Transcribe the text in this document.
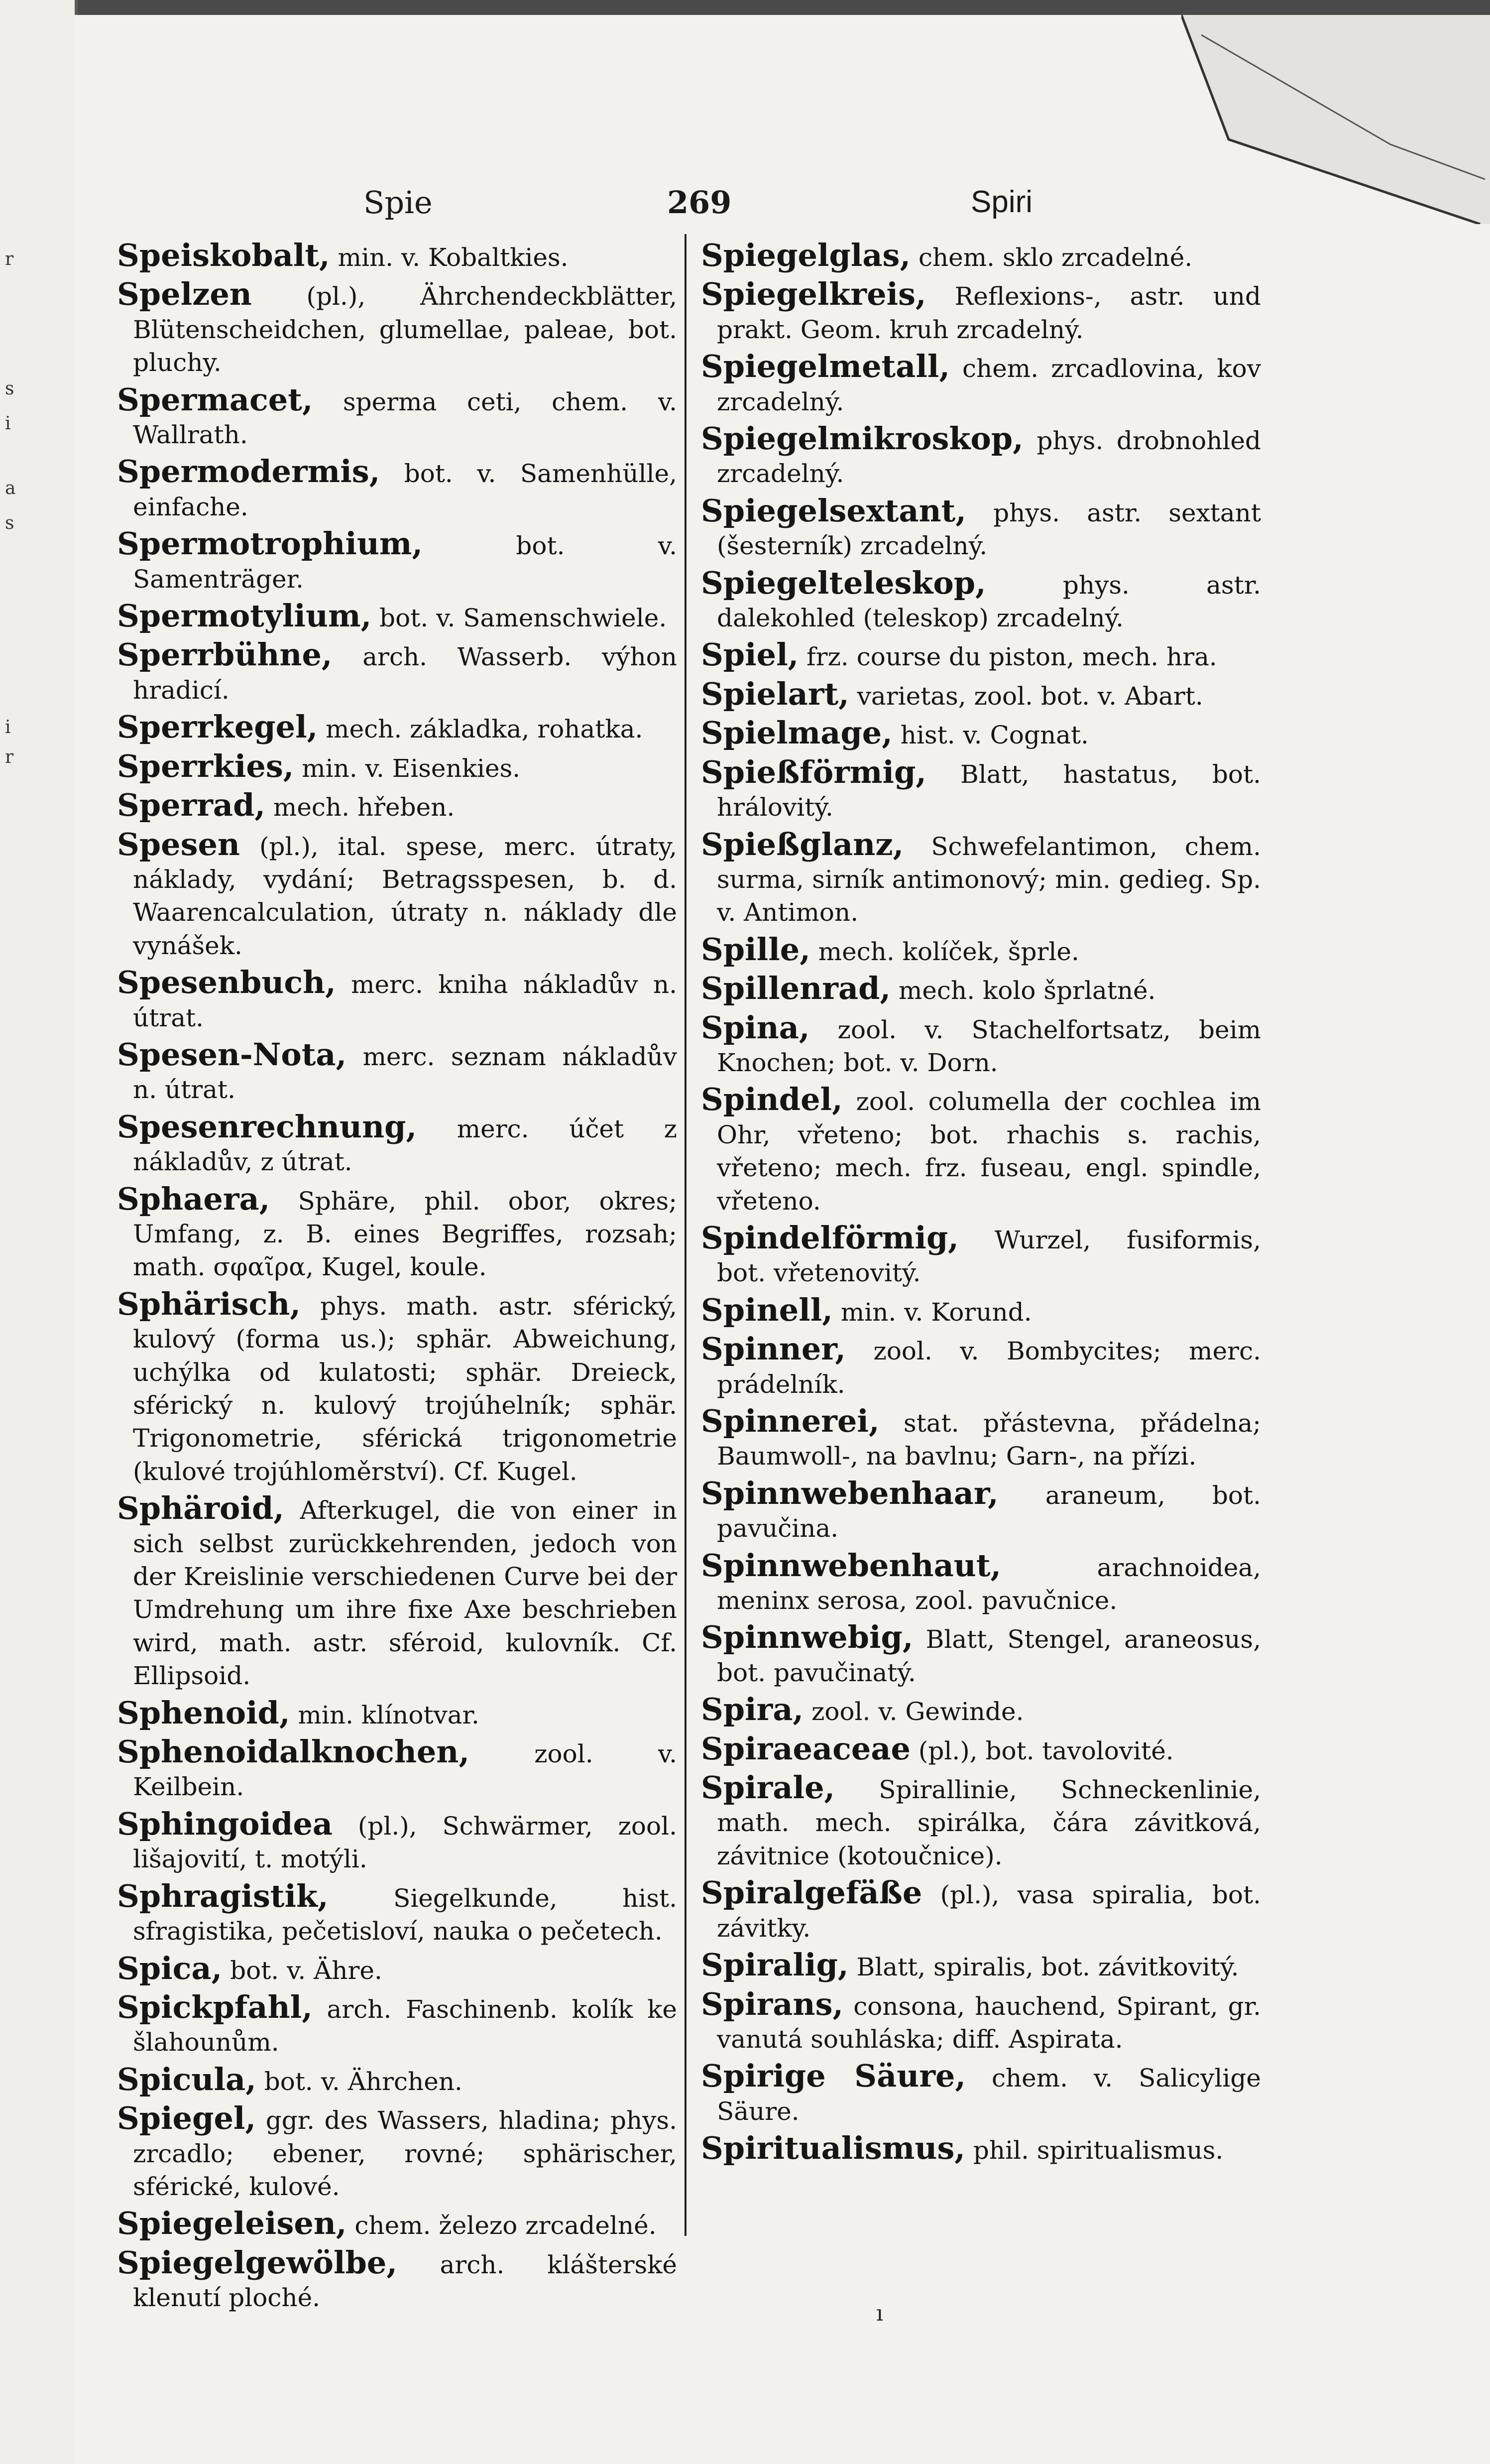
r
s
i
a
s
i
r
Spie	269	Spiri

Speiskobalt, min. v. Kobaltkies.

Spelzen (pl.), Ährchendeckblätter, Blütenscheidchen, glumellae, paleae, bot. pluchy.

Spermacet, sperma ceti, chem. v. Wallrath.

Spermodermis, bot. v. Samenhülle, einfache.

Spermotrophium,	bot. v. Samenträger.

Spermotylium, bot. v. Samenschwiele.

Sperrbühne, arch. Wasserb. výhon hradicí.

Sperrkegel, mech. základka, rohatka.

Sperrkies, min. v. Eisenkies.

Sperrad, mech. hřeben.

Spesen (pl.), ital. spese, merc. útraty, náklady, vydání; Betragsspesen, b. d. Waarencalculation, útraty n. náklady dle vynášek.

Spesenbuch, merc. kniha nákladův n. útrat.

Spesen-Nota, merc. seznam nákladův n. útrat.

Spesenrechnung, merc. účet z nákladův, z útrat.

Sphaera, Sphäre, phil. obor, okres; Umfang, z. B. eines Begriffes, rozsah; math. σφαῖρα, Kugel, koule.

Sphärisch, phys. math. astr. sférický, kulový (forma us.); sphär. Abweichung, uchýlka od kulatosti; sphär. Dreieck, sférický n. kulový trojúhelník; sphär. Trigonometrie, sférická trigonometrie (kulové trojúhloměrství). Cf. Kugel.

Sphäroid, Afterkugel, die von einer in sich selbst zurückkehrenden, jedoch von der Kreislinie verschiedenen Curve bei der Umdrehung um ihre fixe Axe beschrieben wird, math. astr. sféroid, kulovník. Cf. Ellipsoid.

Sphenoid, min. klínotvar.

Sphenoidalknochen,	zool. v. Keilbein.

Sphingoidea (pl.), Schwärmer, zool. lišajovití, t. motýli.

Sphragistik,	Siegelkunde, hist. sfragistika, pečetisloví, nauka o pečetech.

Spica, bot. v. Ähre.

Spickpfahl, arch. Faschinenb. kolík ke šlahounům.

Spicula, bot. v. Ährchen.

Spiegel, ggr. des Wassers, hladina; phys. zrcadlo; ebener, rovné; sphärischer, sférické, kulové.

Spiegeleisen, chem. železo zrcadelné.

Spiegelgewölbe, arch. klášterské klenutí ploché.

Spiegelglas, chem. sklo zrcadelné.

Spiegelkreis, Reflexions-, astr. und prakt. Geom. kruh zrcadelný.

Spiegelmetall, chem. zrcadlovina, kov zrcadelný.

Spiegelmikroskop, phys. drobnohled zrcadelný.

Spiegelsextant, phys. astr. sextant (šesterník) zrcadelný.

Spiegelteleskop,	phys. astr. dalekohled (teleskop) zrcadelný.

Spiel, frz. course du piston, mech. hra.

Spielart, varietas, zool. bot. v. Abart.

Spielmage, hist. v. Cognat.

Spießförmig, Blatt, hastatus, bot. hrálovitý.

Spießglanz, Schwefelantimon, chem. surma, sirník antimonový; min. gedieg. Sp. v. Antimon.

Spille, mech. kolíček, šprle.

Spillenrad, mech. kolo šprlatné.

Spina, zool. v. Stachelfortsatz, beim Knochen; bot. v. Dorn.

Spindel, zool. columella der cochlea im Ohr, vřeteno; bot. rhachis s. rachis, vřeteno; mech. frz. fuseau, engl. spindle, vřeteno.

Spindelförmig, Wurzel, fusiformis, bot. vřetenovitý.

Spinell, min. v. Korund.

Spinner, zool. v. Bombycites; merc. prádelník.

Spinnerei, stat. přástevna, přádelna; Baumwoll-, na bavlnu; Garn-, na přízi.

Spinnwebenhaar, araneum, bot. pavučina.

Spinnwebenhaut,	arachnoidea, meninx serosa, zool. pavučnice.

Spinnwebig, Blatt, Stengel, araneosus, bot. pavučinatý.

Spira, zool. v. Gewinde.

Spiraeaceae (pl.), bot. tavolovité.

Spirale, Spirallinie, Schneckenlinie, math. mech. spirálka, čára závitková, závitnice (kotoučnice).

Spiralgefäße (pl.), vasa spiralia, bot. závitky.

Spiralig, Blatt, spiralis, bot. závitkovitý.

Spirans, consona, hauchend, Spirant, gr. vanutá souhláska; diff. Aspirata.

Spirige Säure, chem. v. Salicylige Säure.

Spiritualismus, phil. spiritualismus.

ı
